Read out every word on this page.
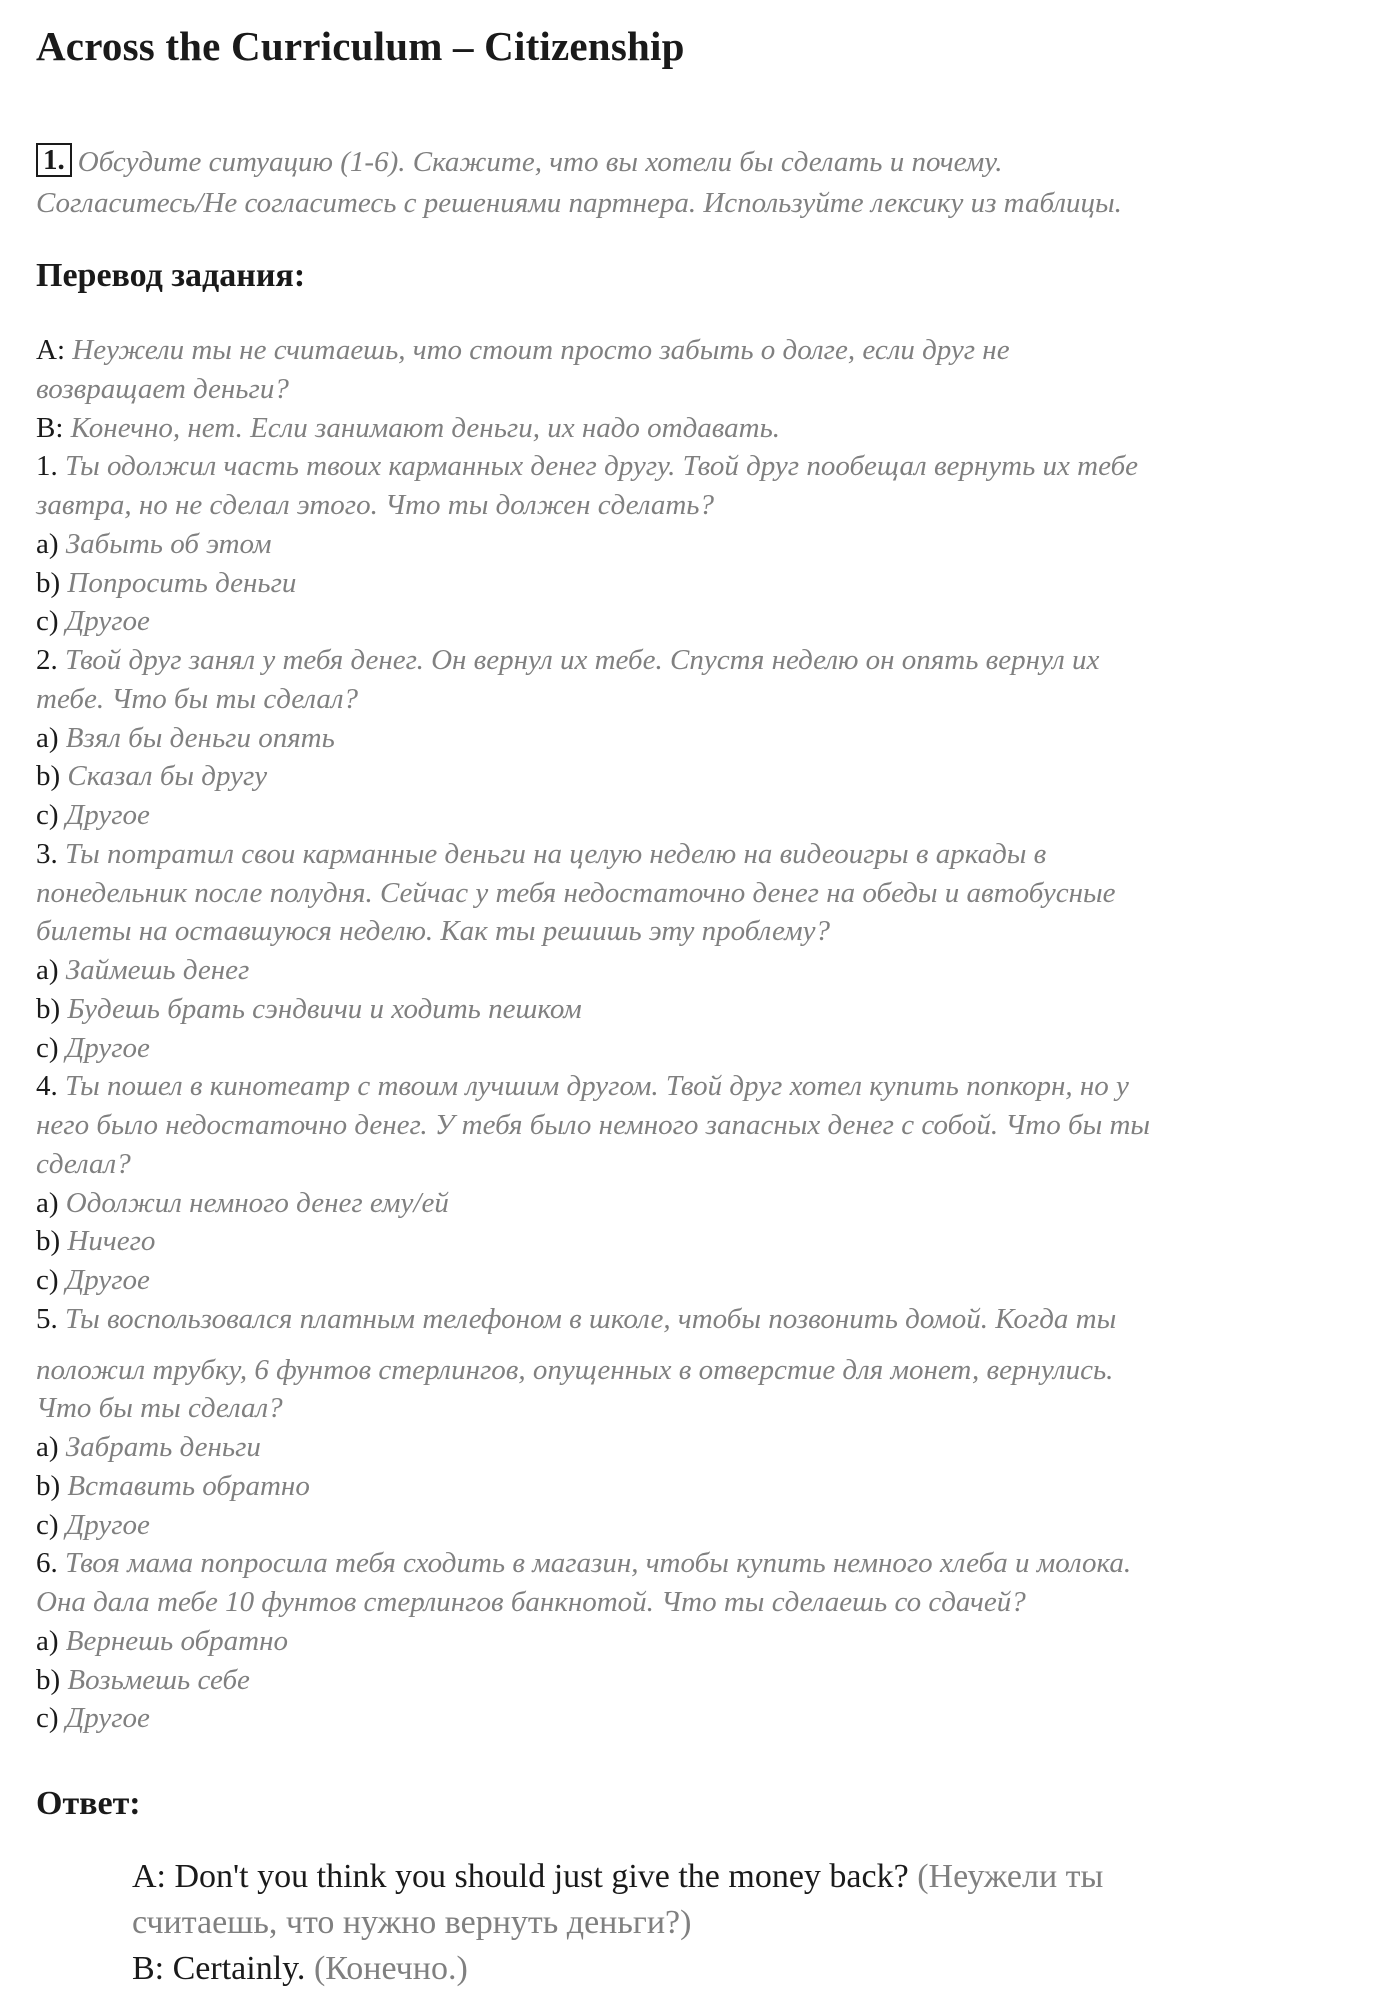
Across the Curriculum – Citizenship
1. Обсудите ситуацию (1-6). Скажите, что вы хотели бы сделать и почему.
Согласитесь/Не согласитесь с решениями партнера. Используйте лексику из таблицы.
Перевод задания:
A: Неужели ты не считаешь, что стоит просто забыть о долге, если друг не
возвращает деньги?
B: Конечно, нет. Если занимают деньги, их надо отдавать.
1. Ты одолжил часть твоих карманных денег другу. Твой друг пообещал вернуть их тебе
завтра, но не сделал этого. Что ты должен сделать?
a) Забыть об этом
b) Попросить деньги
c) Другое
2. Твой друг занял у тебя денег. Он вернул их тебе. Спустя неделю он опять вернул их
тебе. Что бы ты сделал?
a) Взял бы деньги опять
b) Сказал бы другу
c) Другое
3. Ты потратил свои карманные деньги на целую неделю на видеоигры в аркады в
понедельник после полудня. Сейчас у тебя недостаточно денег на обеды и автобусные
билеты на оставшуюся неделю. Как ты решишь эту проблему?
a) Займешь денег
b) Будешь брать сэндвичи и ходить пешком
c) Другое
4. Ты пошел в кинотеатр с твоим лучшим другом. Твой друг хотел купить попкорн, но у
него было недостаточно денег. У тебя было немного запасных денег с собой. Что бы ты
сделал?
a) Одолжил немного денег ему/ей
b) Ничего
c) Другое
5. Ты воспользовался платным телефоном в школе, чтобы позвонить домой. Когда ты
положил трубку, 6 фунтов стерлингов, опущенных в отверстие для монет, вернулись.
Что бы ты сделал?
a) Забрать деньги
b) Вставить обратно
c) Другое
6. Твоя мама попросила тебя сходить в магазин, чтобы купить немного хлеба и молока.
Она дала тебе 10 фунтов стерлингов банкнотой. Что ты сделаешь со сдачей?
a) Вернешь обратно
b) Возьмешь себе
c) Другое
Ответ:
A: Don't you think you should just give the money back? (Неужели ты
считаешь, что нужно вернуть деньги?)
B: Certainly. (Конечно.)
